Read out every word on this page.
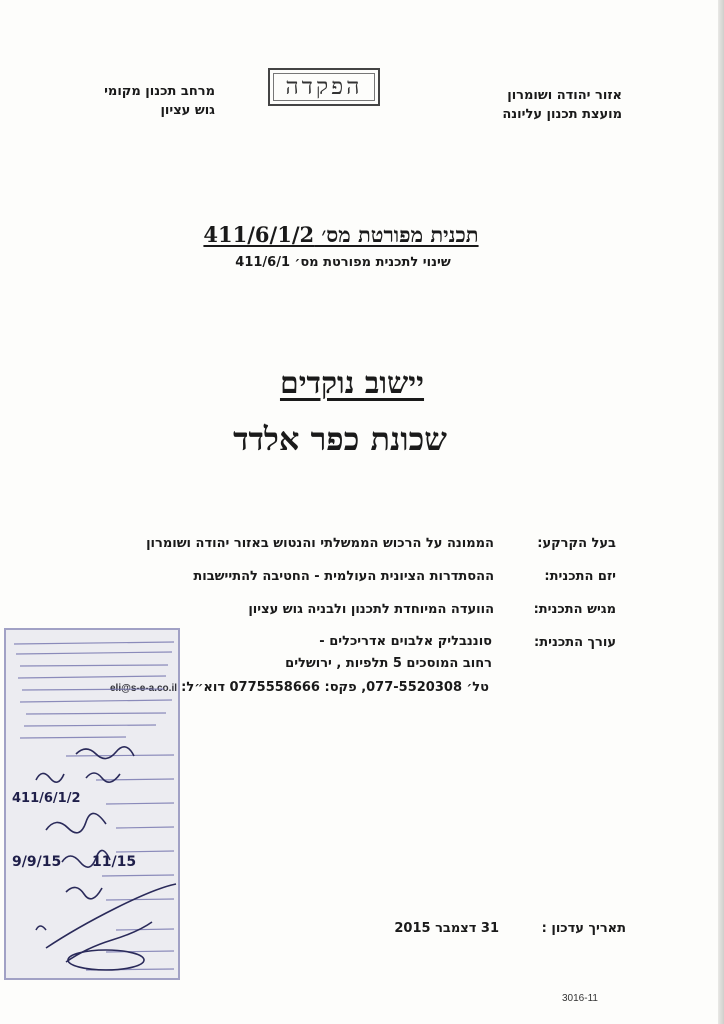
אזור יהודה ושומרון
מועצת תכנון עליונה
הפקדה
מרחב תכנון מקומי
גוש עציון
תכנית מפורטת מס׳ 411/6/1/2
שינוי לתכנית מפורטת מס׳ 411/6/1
יישוב נוקדים
שכונת כפר אלדד
בעל הקרקע:
הממונה על הרכוש הממשלתי והנטוש באזור יהודה ושומרון
יזם התכנית:
ההסתדרות הציונית העולמית - החטיבה להתיישבות
מגיש התכנית:
הוועדה המיוחדת לתכנון ולבניה גוש עציון
עורך התכנית:
סוננבליק אלבוים אדריכלים -
רחוב המוסכים 5 תלפיות , ירושלים
טל׳ 077-5520308, פקס: 0775558666 דוא״ל:
eli@s-e-a.co.il
תאריך עדכון :
31 דצמבר 2015
411/6/1/2
9/9/15 11/15
3016-11
